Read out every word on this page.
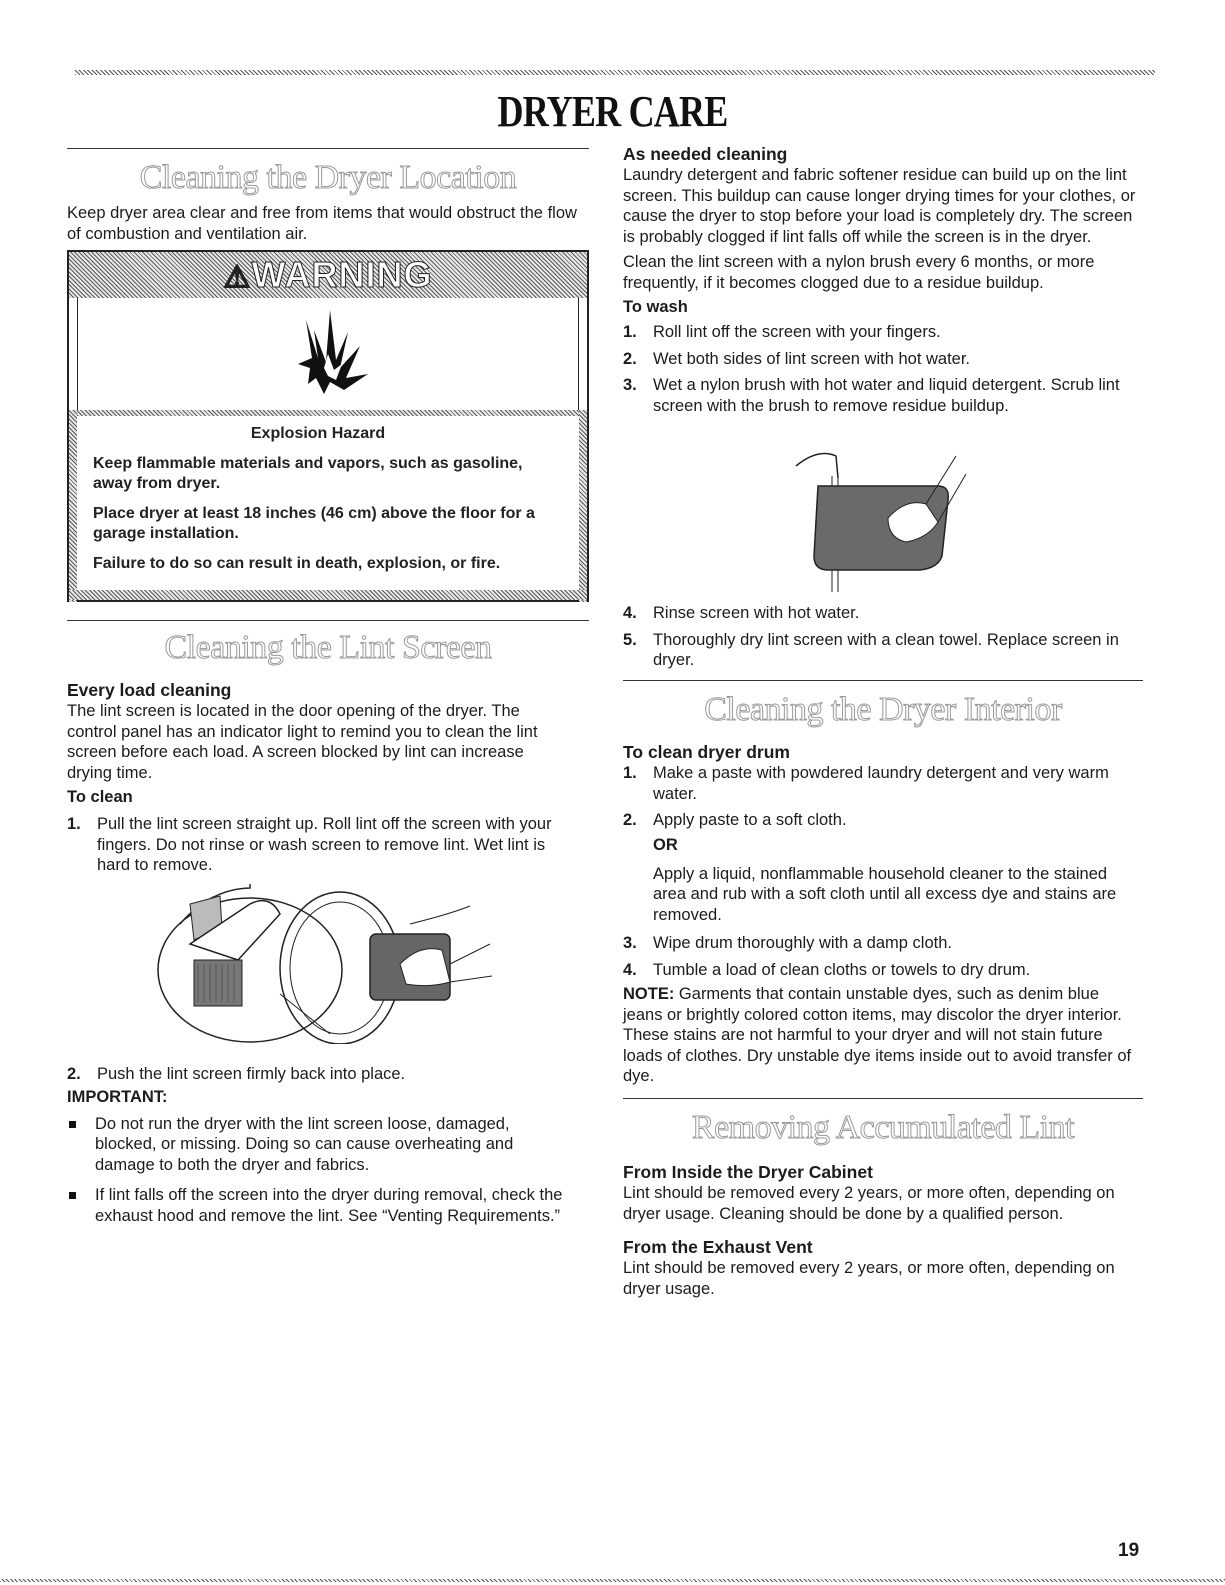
DRYER CARE
Cleaning the Dryer Location

Keep dryer area clear and free from items that would obstruct the flow of combustion and ventilation air.

⚠WARNING
Explosion Hazard

Keep flammable materials and vapors, such as gasoline, away from dryer.

Place dryer at least 18 inches (46 cm) above the floor for a garage installation.

Failure to do so can result in death, explosion, or fire.

Cleaning the Lint Screen
Every load cleaning

The lint screen is located in the door opening of the dryer. The control panel has an indicator light to remind you to clean the lint screen before each load. A screen blocked by lint can increase drying time.

To clean
1. Pull the lint screen straight up. Roll lint off the screen with your fingers. Do not rinse or wash screen to remove lint. Wet lint is hard to remove.
2. Push the lint screen firmly back into place.
IMPORTANT:
Do not run the dryer with the lint screen loose, damaged, blocked, or missing. Doing so can cause overheating and damage to both the dryer and fabrics.
If lint falls off the screen into the dryer during removal, check the exhaust hood and remove the lint. See “Venting Requirements.”
As needed cleaning

Laundry detergent and fabric softener residue can build up on the lint screen. This buildup can cause longer drying times for your clothes, or cause the dryer to stop before your load is completely dry. The screen is probably clogged if lint falls off while the screen is in the dryer.

Clean the lint screen with a nylon brush every 6 months, or more frequently, if it becomes clogged due to a residue buildup.

To wash
1. Roll lint off the screen with your fingers.
2. Wet both sides of lint screen with hot water.
3. Wet a nylon brush with hot water and liquid detergent. Scrub lint screen with the brush to remove residue buildup.
4. Rinse screen with hot water.
5. Thoroughly dry lint screen with a clean towel. Replace screen in dryer.
Cleaning the Dryer Interior
To clean dryer drum
1. Make a paste with powdered laundry detergent and very warm water.
2. Apply paste to a soft cloth.
OR

Apply a liquid, nonflammable household cleaner to the stained area and rub with a soft cloth until all excess dye and stains are removed.

3. Wipe drum thoroughly with a damp cloth.
4. Tumble a load of clean cloths or towels to dry drum.

NOTE: Garments that contain unstable dyes, such as denim blue jeans or brightly colored cotton items, may discolor the dryer interior. These stains are not harmful to your dryer and will not stain future loads of clothes. Dry unstable dye items inside out to avoid transfer of dye.

Removing Accumulated Lint
From Inside the Dryer Cabinet

Lint should be removed every 2 years, or more often, depending on dryer usage. Cleaning should be done by a qualified person.

From the Exhaust Vent

Lint should be removed every 2 years, or more often, depending on dryer usage.

19
